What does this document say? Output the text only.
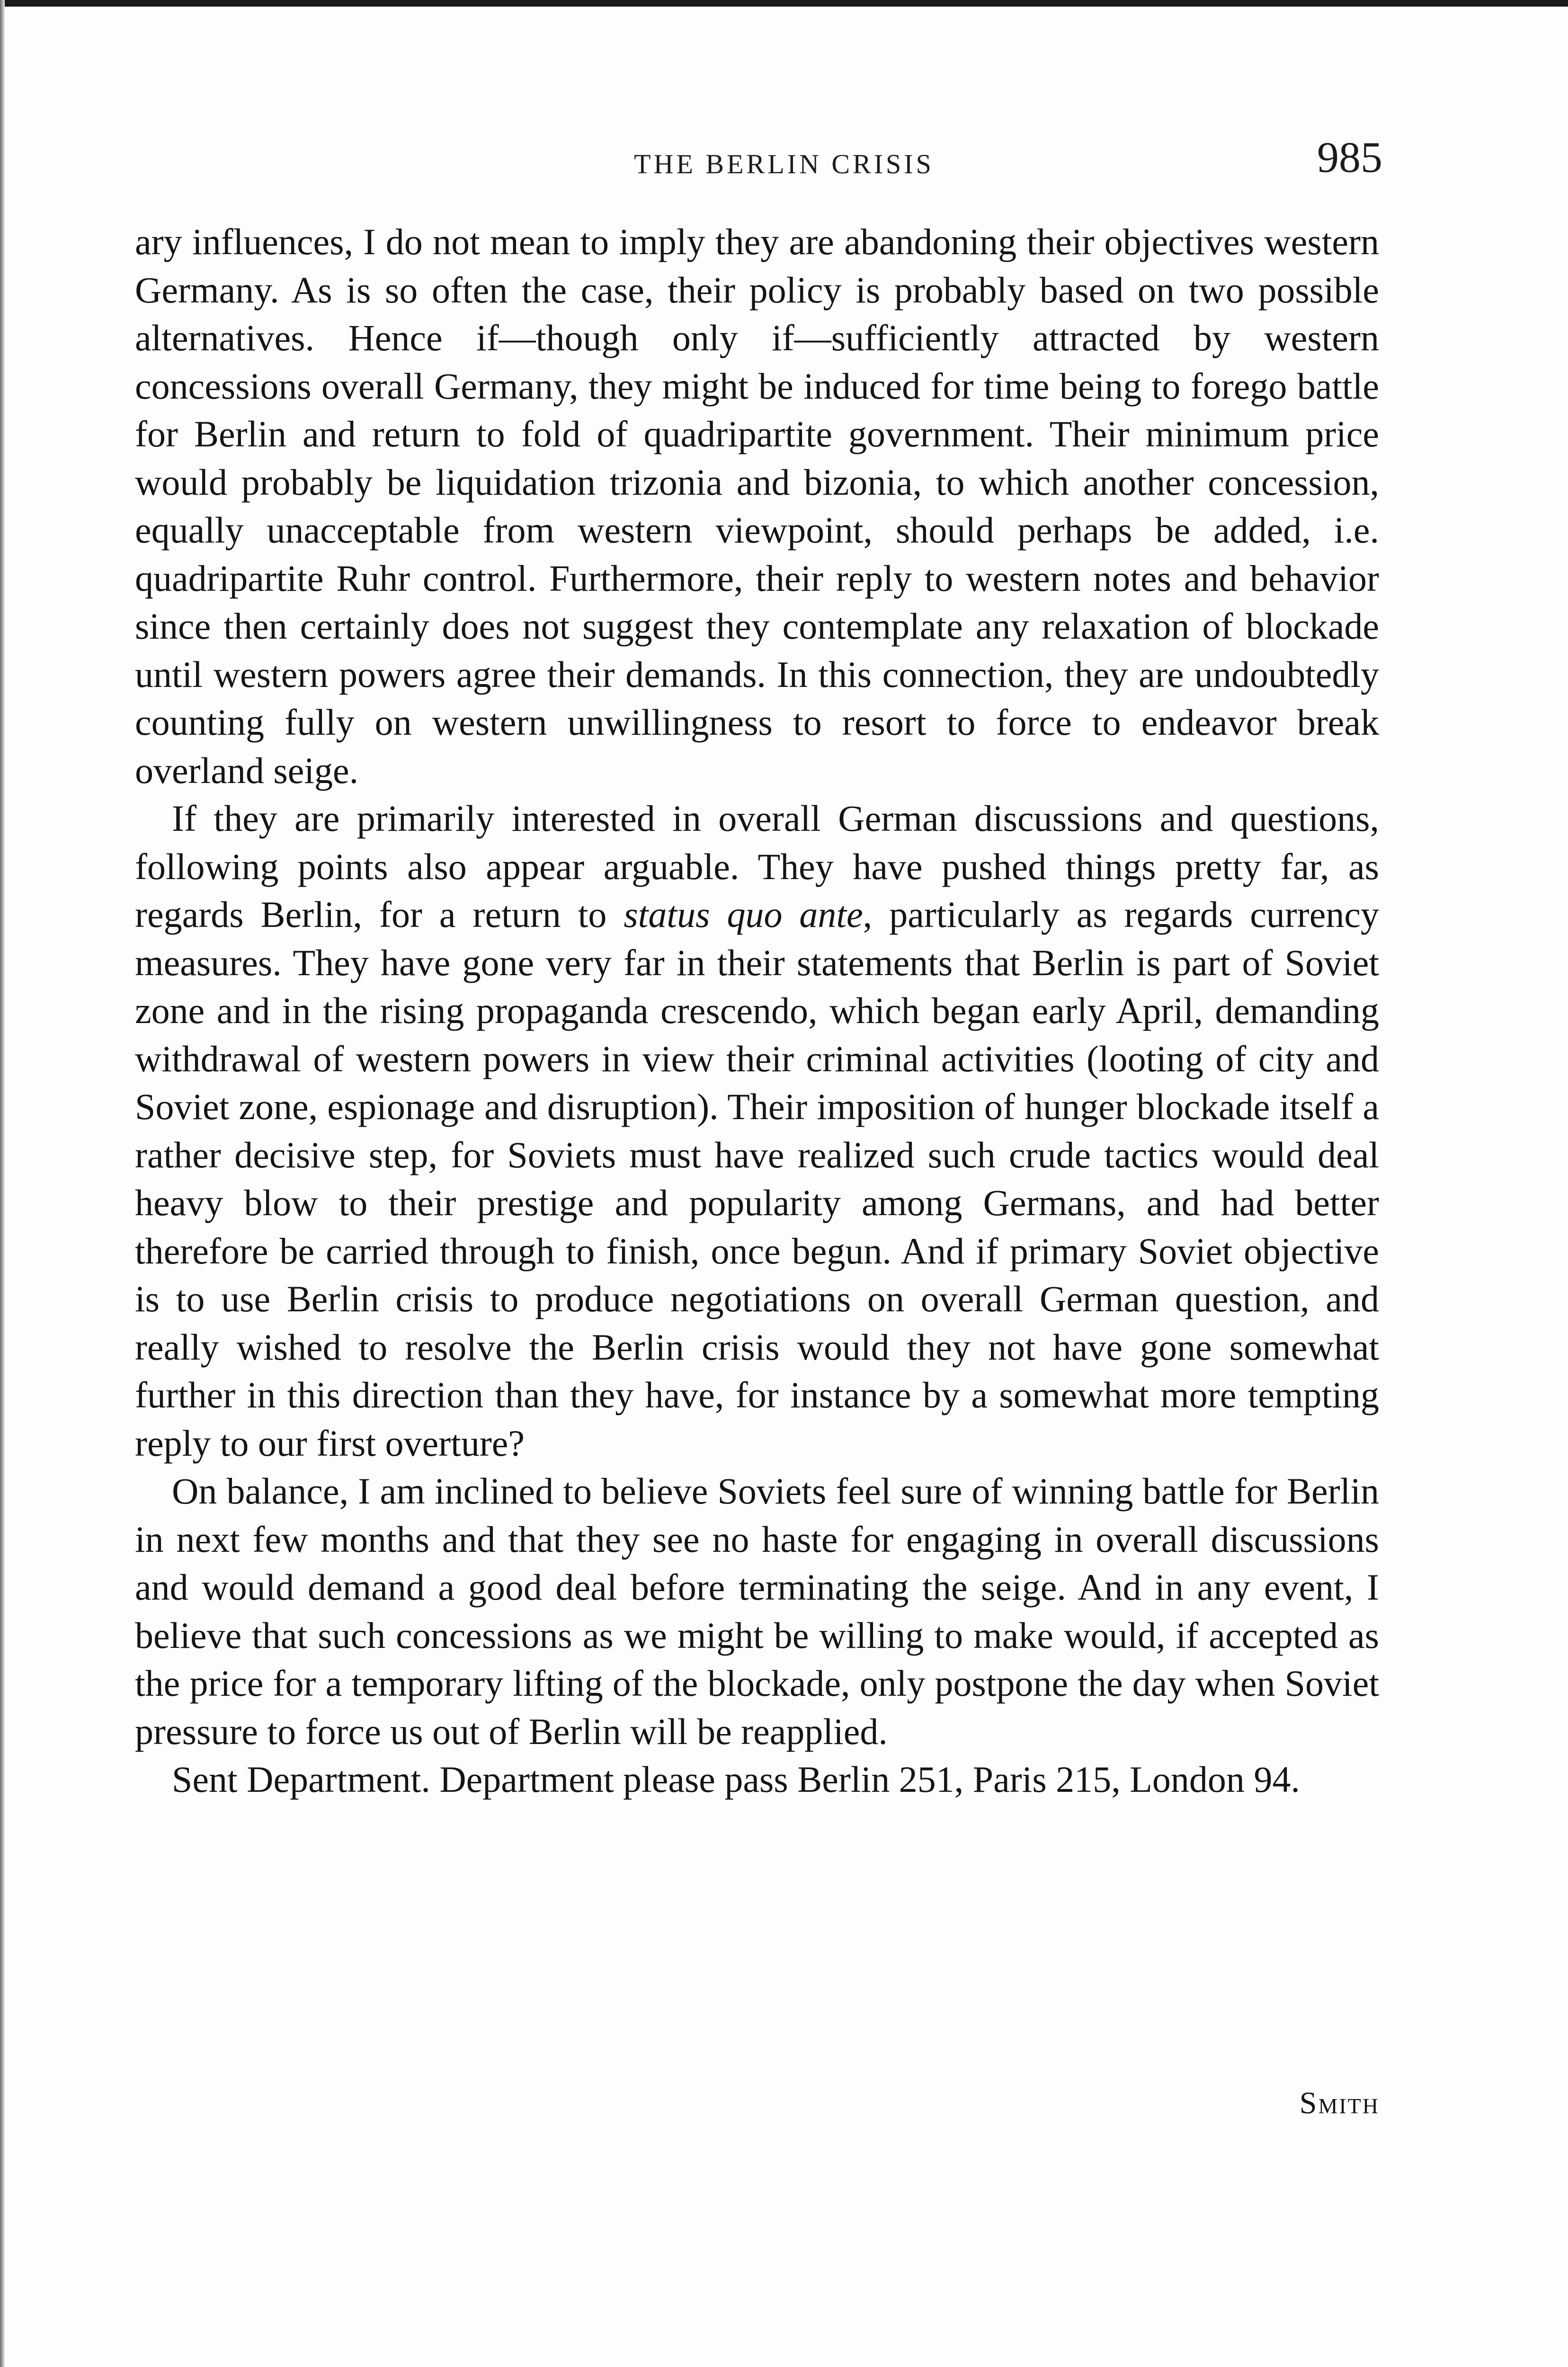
THE BERLIN CRISIS	985

ary influences, I do not mean to imply they are abandoning their objectives western Germany. As is so often the case, their policy is probably based on two possible alternatives. Hence if—though only if—sufficiently attracted by western concessions overall Germany, they might be induced for time being to forego battle for Berlin and return to fold of quadripartite government. Their minimum price would probably be liquidation trizonia and bizonia, to which another concession, equally unacceptable from western viewpoint, should perhaps be added, i.e. quadripartite Ruhr control. Furthermore, their reply to western notes and behavior since then certainly does not suggest they contemplate any relaxation of blockade until western powers agree their demands. In this connection, they are undoubtedly counting fully on western unwillingness to resort to force to endeavor break overland seige.

If they are primarily interested in overall German discussions and questions, following points also appear arguable. They have pushed things pretty far, as regards Berlin, for a return to status quo ante, particularly as regards currency measures. They have gone very far in their statements that Berlin is part of Soviet zone and in the rising propaganda crescendo, which began early April, demanding withdrawal of western powers in view their criminal activities (looting of city and Soviet zone, espionage and disruption). Their imposition of hunger blockade itself a rather decisive step, for Soviets must have realized such crude tactics would deal heavy blow to their prestige and popularity among Germans, and had better therefore be carried through to finish, once begun. And if primary Soviet objective is to use Berlin crisis to produce negotiations on overall German question, and really wished to resolve the Berlin crisis would they not have gone somewhat further in this direction than they have, for instance by a somewhat more tempting reply to our first overture?

On balance, I am inclined to believe Soviets feel sure of winning battle for Berlin in next few months and that they see no haste for engaging in overall discussions and would demand a good deal before terminating the seige. And in any event, I believe that such concessions as we might be willing to make would, if accepted as the price for a temporary lifting of the blockade, only postpone the day when Soviet pressure to force us out of Berlin will be reapplied.

Sent Department. Department please pass Berlin 251, Paris 215, London 94.

Smith
